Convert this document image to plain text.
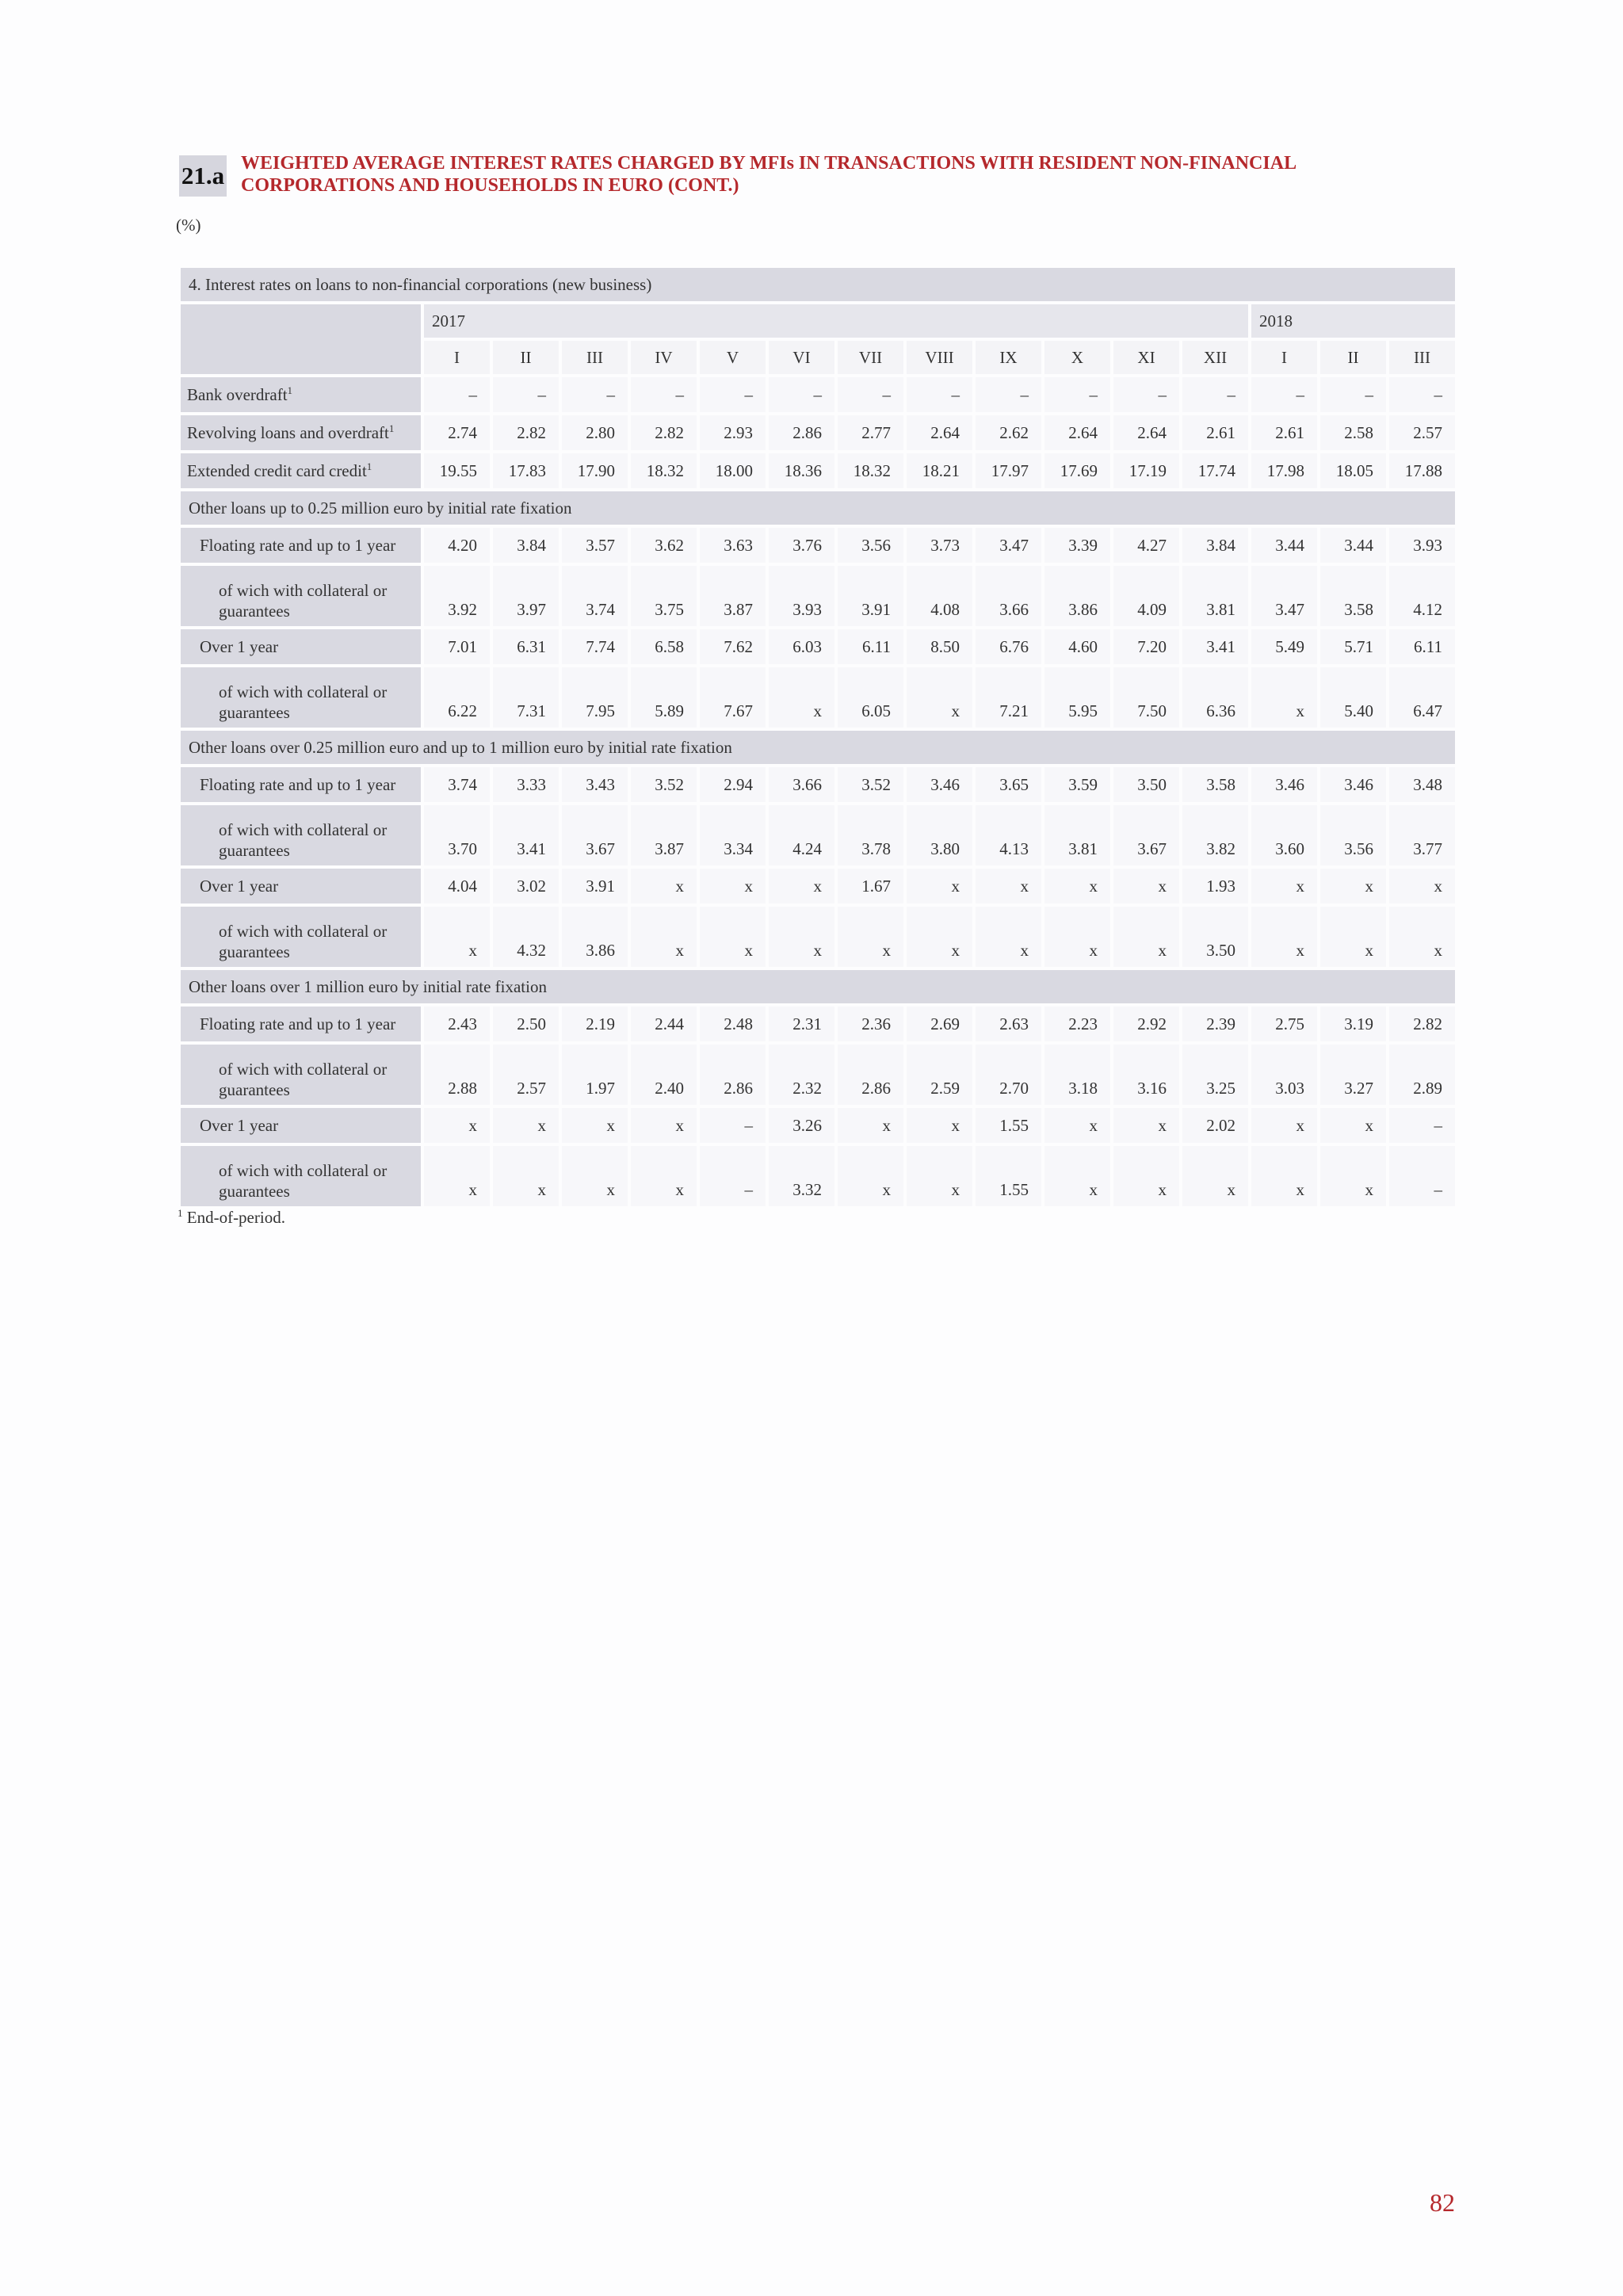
21.a WEIGHTED AVERAGE INTEREST RATES CHARGED BY MFIs IN TRANSACTIONS WITH RESIDENT NON-FINANCIAL
CORPORATIONS AND HOUSEHOLDS IN EURO (CONT.)
(%)
4. Interest rates on loans to non-financial corporations (new business)															
	2017												2018		
	I	II	III	IV	V	VI	VII	VIII	IX	X	XI	XII	I	II	III
Bank overdraft$^1$	–	–	–	–	–	–	–	–	–	–	–	–	–	–	–
Revolving loans and overdraft$^1$	2.74	2.82	2.80	2.82	2.93	2.86	2.77	2.64	2.62	2.64	2.64	2.61	2.61	2.58	2.57
Extended credit card credit$^1$	19.55	17.83	17.90	18.32	18.00	18.36	18.32	18.21	17.97	17.69	17.19	17.74	17.98	18.05	17.88
Other loans up to 0.25 million euro by initial rate fixation															
Floating rate and up to 1 year	4.20	3.84	3.57	3.62	3.63	3.76	3.56	3.73	3.47	3.39	4.27	3.84	3.44	3.44	3.93

of wich with collateral or
guarantees	3.92	3.97	3.74	3.75	3.87	3.93	3.91	4.08	3.66	3.86	4.09	3.81	3.47	3.58	4.12
Over 1 year	7.01	6.31	7.74	6.58	7.62	6.03	6.11	8.50	6.76	4.60	7.20	3.41	5.49	5.71	6.11

of wich with collateral or
guarantees	6.22	7.31	7.95	5.89	7.67	x	6.05	x	7.21	5.95	7.50	6.36	x	5.40	6.47
Other loans over 0.25 million euro and up to 1 million euro by initial rate fixation															
Floating rate and up to 1 year	3.74	3.33	3.43	3.52	2.94	3.66	3.52	3.46	3.65	3.59	3.50	3.58	3.46	3.46	3.48

of wich with collateral or
guarantees	3.70	3.41	3.67	3.87	3.34	4.24	3.78	3.80	4.13	3.81	3.67	3.82	3.60	3.56	3.77
Over 1 year	4.04	3.02	3.91	x	x	x	1.67	x	x	x	x	1.93	x	x	x

of wich with collateral or
guarantees	x	4.32	3.86	x	x	x	x	x	x	x	x	3.50	x	x	x
Other loans over 1 million euro by initial rate fixation															
Floating rate and up to 1 year	2.43	2.50	2.19	2.44	2.48	2.31	2.36	2.69	2.63	2.23	2.92	2.39	2.75	3.19	2.82

of wich with collateral or
guarantees	2.88	2.57	1.97	2.40	2.86	2.32	2.86	2.59	2.70	3.18	3.16	3.25	3.03	3.27	2.89
Over 1 year	x	x	x	x	–	3.26	x	x	1.55	x	x	2.02	x	x	–

of wich with collateral or
guarantees	x	x	x	x	–	3.32	x	x	1.55	x	x	x	x	x	–
$^1$ End-of-period.
82
